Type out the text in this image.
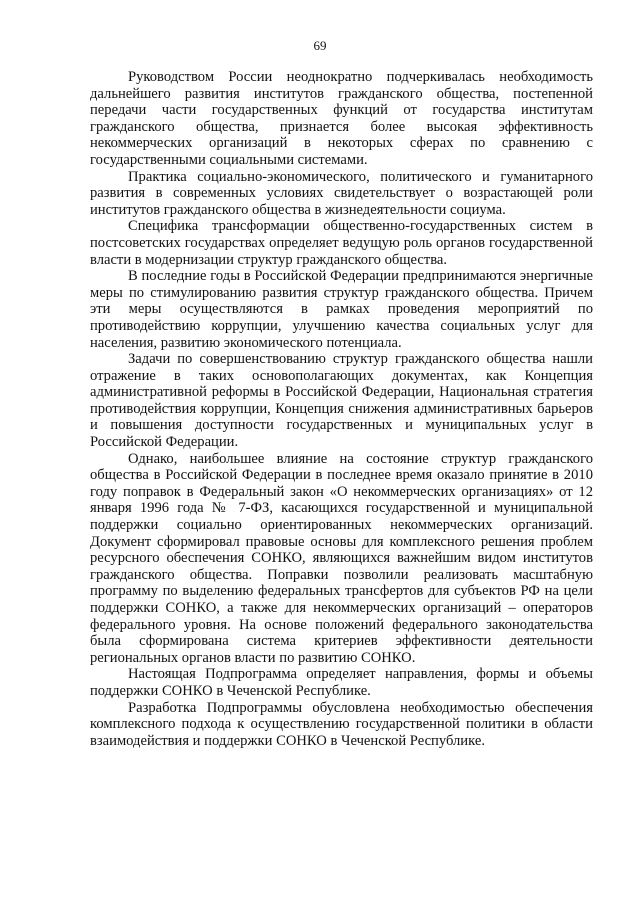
69

Руководством России неоднократно подчеркивалась необходимость дальнейшего развития институтов гражданского общества, постепенной передачи части государственных функций от государства институтам гражданского общества, признается более высокая эффективность некоммерческих организаций в некоторых сферах по сравнению с государственными социальными системами.

Практика социально-экономического, политического и гуманитарного развития в современных условиях свидетельствует о возрастающей роли институтов гражданского общества в жизнедеятельности социума.

Специфика трансформации общественно-государственных систем в постсоветских государствах определяет ведущую роль органов государственной власти в модернизации структур гражданского общества.

В последние годы в Российской Федерации предпринимаются энергичные меры по стимулированию развития структур гражданского общества. Причем эти меры осуществляются в рамках проведения мероприятий по противодействию коррупции, улучшению качества социальных услуг для населения, развитию экономического потенциала.

Задачи по совершенствованию структур гражданского общества нашли отражение в таких основополагающих документах, как Концепция административной реформы в Российской Федерации, Национальная стратегия противодействия коррупции, Концепция снижения административных барьеров и повышения доступности государственных и муниципальных услуг в Российской Федерации.

Однако, наибольшее влияние на состояние структур гражданского общества в Российской Федерации в последнее время оказало принятие в 2010 году поправок в Федеральный закон «О некоммерческих организациях» от 12 января 1996 года № 7-ФЗ, касающихся государственной и муниципальной поддержки социально ориентированных некоммерческих организаций. Документ сформировал правовые основы для комплексного решения проблем ресурсного обеспечения СОНКО, являющихся важнейшим видом институтов гражданского общества. Поправки позволили реализовать масштабную программу по выделению федеральных трансфертов для субъектов РФ на цели поддержки СОНКО, а также для некоммерческих организаций – операторов федерального уровня. На основе положений федерального законодательства была сформирована система критериев эффективности деятельности региональных органов власти по развитию СОНКО.

Настоящая Подпрограмма определяет направления, формы и объемы поддержки СОНКО в Чеченской Республике.

Разработка Подпрограммы обусловлена необходимостью обеспечения комплексного подхода к осуществлению государственной политики в области взаимодействия и поддержки СОНКО в Чеченской Республике.
